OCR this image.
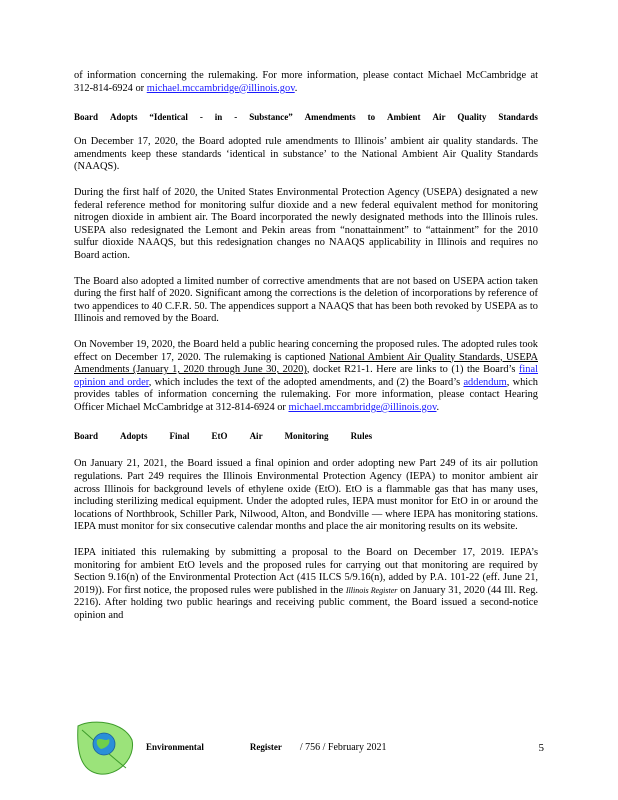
of information concerning the rulemaking. For more information, please contact Michael McCambridge at 312-814-6924 or michael.mccambridge@illinois.gov.

Board Adopts “Identical - in - Substance” Amendments to Ambient Air Quality Standards

On December 17, 2020, the Board adopted rule amendments to Illinois’ ambient air quality standards. The amendments keep these standards ‘identical in substance’ to the National Ambient Air Quality Standards (NAAQS).

During the first half of 2020, the United States Environmental Protection Agency (USEPA) designated a new federal reference method for monitoring sulfur dioxide and a new federal equivalent method for monitoring nitrogen dioxide in ambient air. The Board incorporated the newly designated methods into the Illinois rules. USEPA also redesignated the Lemont and Pekin areas from “nonattainment” to “attainment” for the 2010 sulfur dioxide NAAQS, but this redesignation changes no NAAQS applicability in Illinois and requires no Board action.

The Board also adopted a limited number of corrective amendments that are not based on USEPA action taken during the first half of 2020. Significant among the corrections is the deletion of incorporations by reference of two appendices to 40 C.F.R. 50. The appendices support a NAAQS that has been both revoked by USEPA as to Illinois and removed by the Board.

On November 19, 2020, the Board held a public hearing concerning the proposed rules. The adopted rules took effect on December 17, 2020. The rulemaking is captioned National Ambient Air Quality Standards, USEPA Amendments (January 1, 2020 through June 30, 2020), docket R21-1. Here are links to (1) the Board’s final opinion and order, which includes the text of the adopted amendments, and (2) the Board’s addendum, which provides tables of information concerning the rulemaking. For more information, please contact Hearing Officer Michael McCambridge at 312-814-6924 or michael.mccambridge@illinois.gov.

Board Adopts Final EtO Air Monitoring Rules

On January 21, 2021, the Board issued a final opinion and order adopting new Part 249 of its air pollution regulations. Part 249 requires the Illinois Environmental Protection Agency (IEPA) to monitor ambient air across Illinois for background levels of ethylene oxide (EtO). EtO is a flammable gas that has many uses, including sterilizing medical equipment. Under the adopted rules, IEPA must monitor for EtO in or around the locations of Northbrook, Schiller Park, Nilwood, Alton, and Bondville — where IEPA has monitoring stations. IEPA must monitor for six consecutive calendar months and place the air monitoring results on its website.

IEPA initiated this rulemaking by submitting a proposal to the Board on December 17, 2019. IEPA’s monitoring for ambient EtO levels and the proposed rules for carrying out that monitoring are required by Section 9.16(n) of the Environmental Protection Act (415 ILCS 5/9.16(n), added by P.A. 101-22 (eff. June 21, 2019)). For first notice, the proposed rules were published in the Illinois Register on January 31, 2020 (44 Ill. Reg. 2216). After holding two public hearings and receiving public comment, the Board issued a second-notice opinion and

Environmental	Register / 756 / February 2021	5
